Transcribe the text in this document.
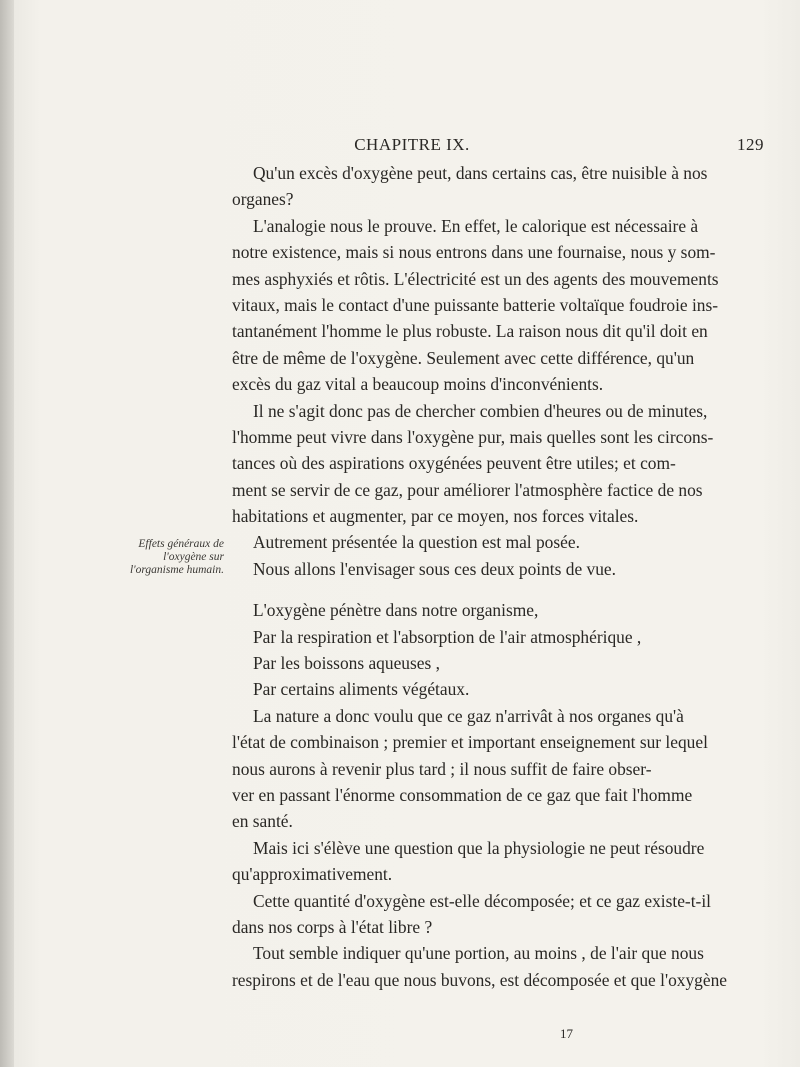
CHAPITRE IX.	129
Effets généraux de
l'oxygène sur
l'organisme humain.
Qu'un excès d'oxygène peut, dans certains cas, être nuisible à nos
organes?
L'analogie nous le prouve. En effet, le calorique est nécessaire à
notre existence, mais si nous entrons dans une fournaise, nous y som-
mes asphyxiés et rôtis. L'électricité est un des agents des mouvements
vitaux, mais le contact d'une puissante batterie voltaïque foudroie ins-
tantanément l'homme le plus robuste. La raison nous dit qu'il doit en
être de même de l'oxygène. Seulement avec cette différence, qu'un
excès du gaz vital a beaucoup moins d'inconvénients.
Il ne s'agit donc pas de chercher combien d'heures ou de minutes,
l'homme peut vivre dans l'oxygène pur, mais quelles sont les circons-
tances où des aspirations oxygénées peuvent être utiles; et com-
ment se servir de ce gaz, pour améliorer l'atmosphère factice de nos
habitations et augmenter, par ce moyen, nos forces vitales.
Autrement présentée la question est mal posée.
Nous allons l'envisager sous ces deux points de vue.
L'oxygène pénètre dans notre organisme,
Par la respiration et l'absorption de l'air atmosphérique ,
Par les boissons aqueuses ,
Par certains aliments végétaux.
La nature a donc voulu que ce gaz n'arrivât à nos organes qu'à
l'état de combinaison ; premier et important enseignement sur lequel
nous aurons à revenir plus tard ; il nous suffit de faire obser-
ver en passant l'énorme consommation de ce gaz que fait l'homme
en santé.
Mais ici s'élève une question que la physiologie ne peut résoudre
qu'approximativement.
Cette quantité d'oxygène est-elle décomposée; et ce gaz existe-t-il
dans nos corps à l'état libre ?
Tout semble indiquer qu'une portion, au moins , de l'air que nous
respirons et de l'eau que nous buvons, est décomposée et que l'oxygène
17
